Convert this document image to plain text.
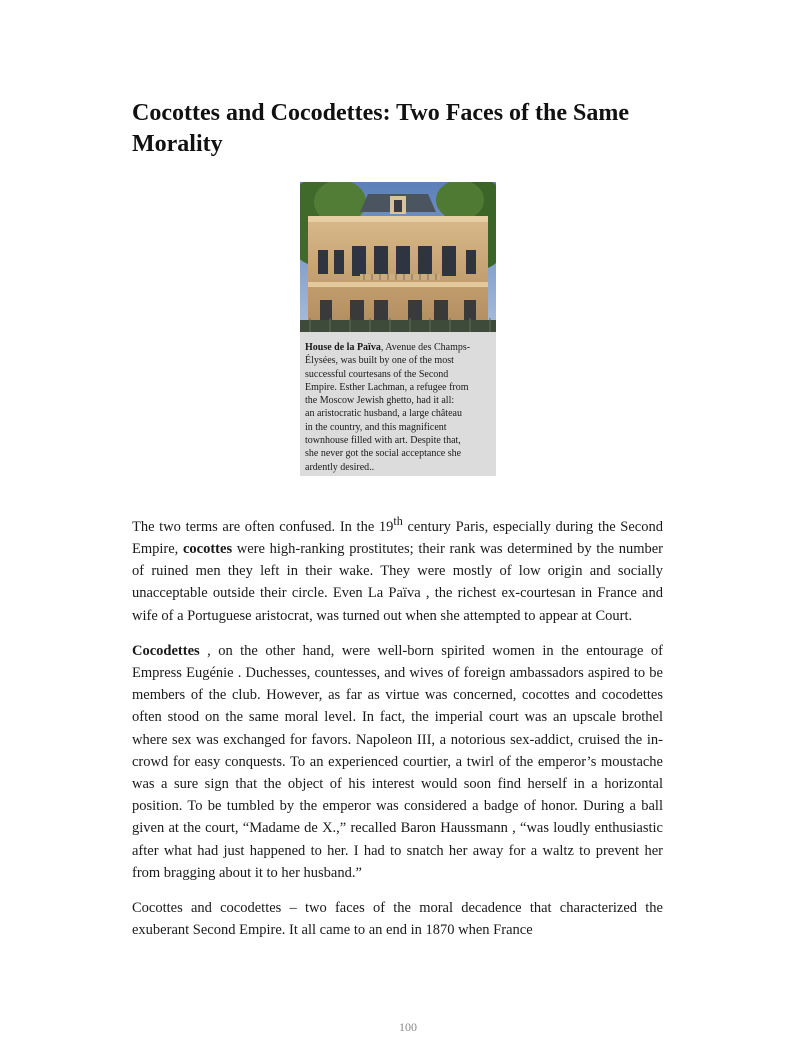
Cocottes and Cocodettes: Two Faces of the Same Morality
House de la Païva, Avenue des Champs-
Élysées, was built by one of the most
successful courtesans of the Second
Empire. Esther Lachman, a refugee from
the Moscow Jewish ghetto, had it all:
an aristocratic husband, a large château
in the country, and this magnificent
townhouse filled with art. Despite that,
she never got the social acceptance she
ardently desired..

The two terms are often confused. In the 19th century Paris, especially during the Second Empire, cocottes were high-ranking prostitutes; their rank was determined by the number of ruined men they left in their wake. They were mostly of low origin and socially unacceptable outside their circle. Even La Païva , the richest ex-courtesan in France and wife of a Portuguese aristocrat, was turned out when she attempted to appear at Court.

Cocodettes , on the other hand, were well-born spirited women in the entourage of Empress Eugénie . Duchesses, countesses, and wives of foreign ambassadors aspired to be members of the club. However, as far as virtue was concerned, cocottes and cocodettes often stood on the same moral level. In fact, the imperial court was an upscale brothel where sex was exchanged for favors. Napoleon III, a notorious sex-addict, cruised the in-crowd for easy conquests. To an experienced courtier, a twirl of the emperor’s moustache was a sure sign that the object of his interest would soon find herself in a horizontal position. To be tumbled by the emperor was considered a badge of honor. During a ball given at the court, “Madame de X.,” recalled Baron Haussmann , “was loudly enthusiastic after what had just happened to her. I had to snatch her away for a waltz to prevent her from bragging about it to her husband.”

Cocottes and cocodettes – two faces of the moral decadence that characterized the exuberant Second Empire. It all came to an end in 1870 when France

100
